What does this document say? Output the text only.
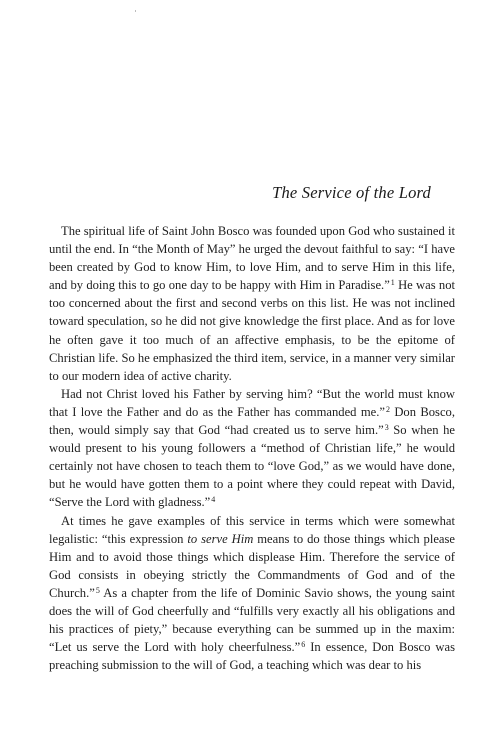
The Service of the Lord

The spiritual life of Saint John Bosco was founded upon God who sustained it until the end. In “the Month of May” he urged the devout faithful to say: “I have been created by God to know Him, to love Him, and to serve Him in this life, and by doing this to go one day to be happy with Him in Paradise.”$^1$ He was not too concerned about the first and second verbs on this list. He was not inclined toward speculation, so he did not give knowledge the first place. And as for love he often gave it too much of an affective emphasis, to be the epitome of Christian life. So he emphasized the third item, service, in a manner very similar to our modern idea of active charity.

Had not Christ loved his Father by serving him? “But the world must know that I love the Father and do as the Father has commanded me.”$^2$ Don Bosco, then, would simply say that God “had created us to serve him.”$^3$ So when he would present to his young followers a “method of Christian life,” he would certainly not have chosen to teach them to “love God,” as we would have done, but he would have gotten them to a point where they could repeat with David, “Serve the Lord with gladness.”$^4$

At times he gave examples of this service in terms which were somewhat legalistic: “this expression to serve Him means to do those things which please Him and to avoid those things which displease Him. Therefore the service of God consists in obeying strictly the Commandments of God and of the Church.”$^5$ As a chapter from the life of Dominic Savio shows, the young saint does the will of God cheerfully and “fulfills very exactly all his obligations and his practices of piety,” because everything can be summed up in the maxim: “Let us serve the Lord with holy cheerfulness.”$^6$ In essence, Don Bosco was preaching submission to the will of God, a teaching which was dear to his
